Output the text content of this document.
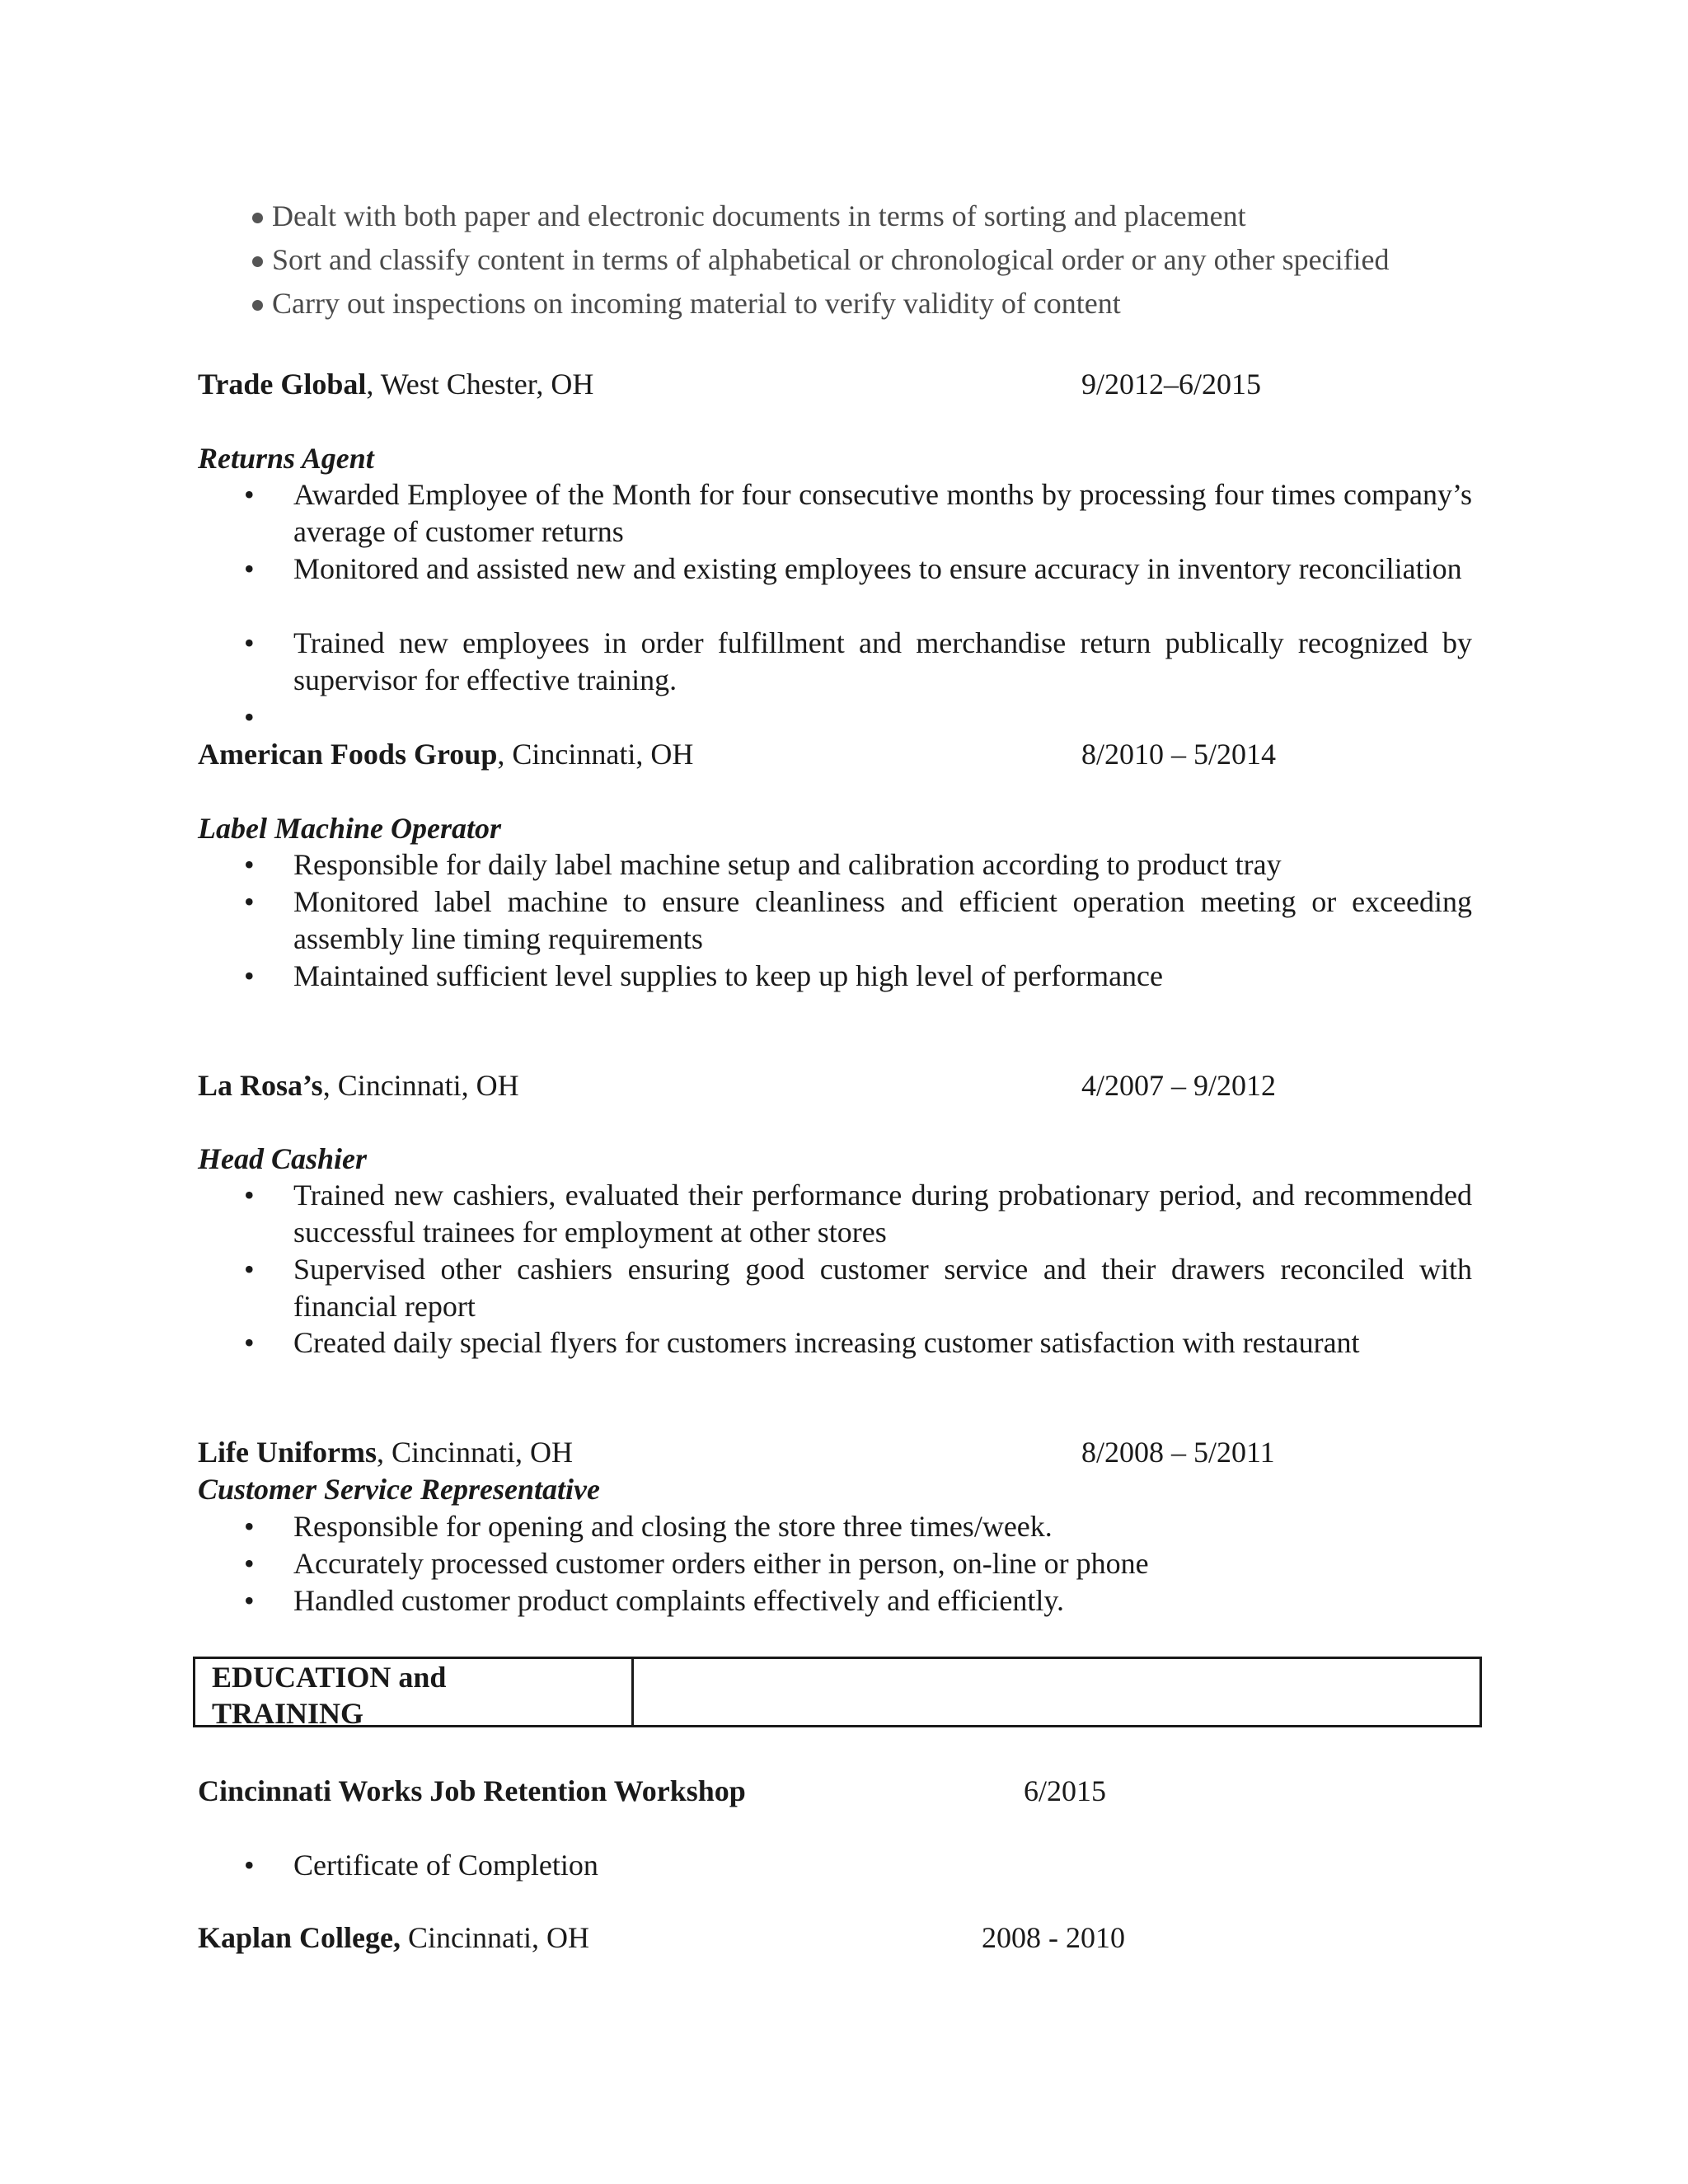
Dealt with both paper and electronic documents in terms of sorting and placement
Sort and classify content in terms of alphabetical or chronological order or any other specified
Carry out inspections on incoming material to verify validity of content
Trade Global, West Chester, OH	9/2012–6/2015
Returns Agent
• Awarded Employee of the Month for four consecutive months by processing four times company’s average of customer returns
• Monitored and assisted new and existing employees to ensure accuracy in inventory reconciliation
• Trained new employees in order fulfillment and merchandise return publically recognized by supervisor for effective training.
•
American Foods Group, Cincinnati, OH	8/2010 – 5/2014
Label Machine Operator
• Responsible for daily label machine setup and calibration according to product tray
• Monitored label machine to ensure cleanliness and efficient operation meeting or exceeding assembly line timing requirements
• Maintained sufficient level supplies to keep up high level of performance
La Rosa’s, Cincinnati, OH	4/2007 – 9/2012
Head Cashier
• Trained new cashiers, evaluated their performance during probationary period, and recommended successful trainees for employment at other stores
• Supervised other cashiers ensuring good customer service and their drawers reconciled with financial report
• Created daily special flyers for customers increasing customer satisfaction with restaurant
Life Uniforms, Cincinnati, OH	8/2008 – 5/2011
Customer Service Representative
• Responsible for opening and closing the store three times/week.
• Accurately processed customer orders either in person, on-line or phone
• Handled customer product complaints effectively and efficiently.
EDUCATION and
TRAINING
Cincinnati Works Job Retention Workshop	6/2015
• Certificate of Completion
Kaplan College, Cincinnati, OH	2008 - 2010
